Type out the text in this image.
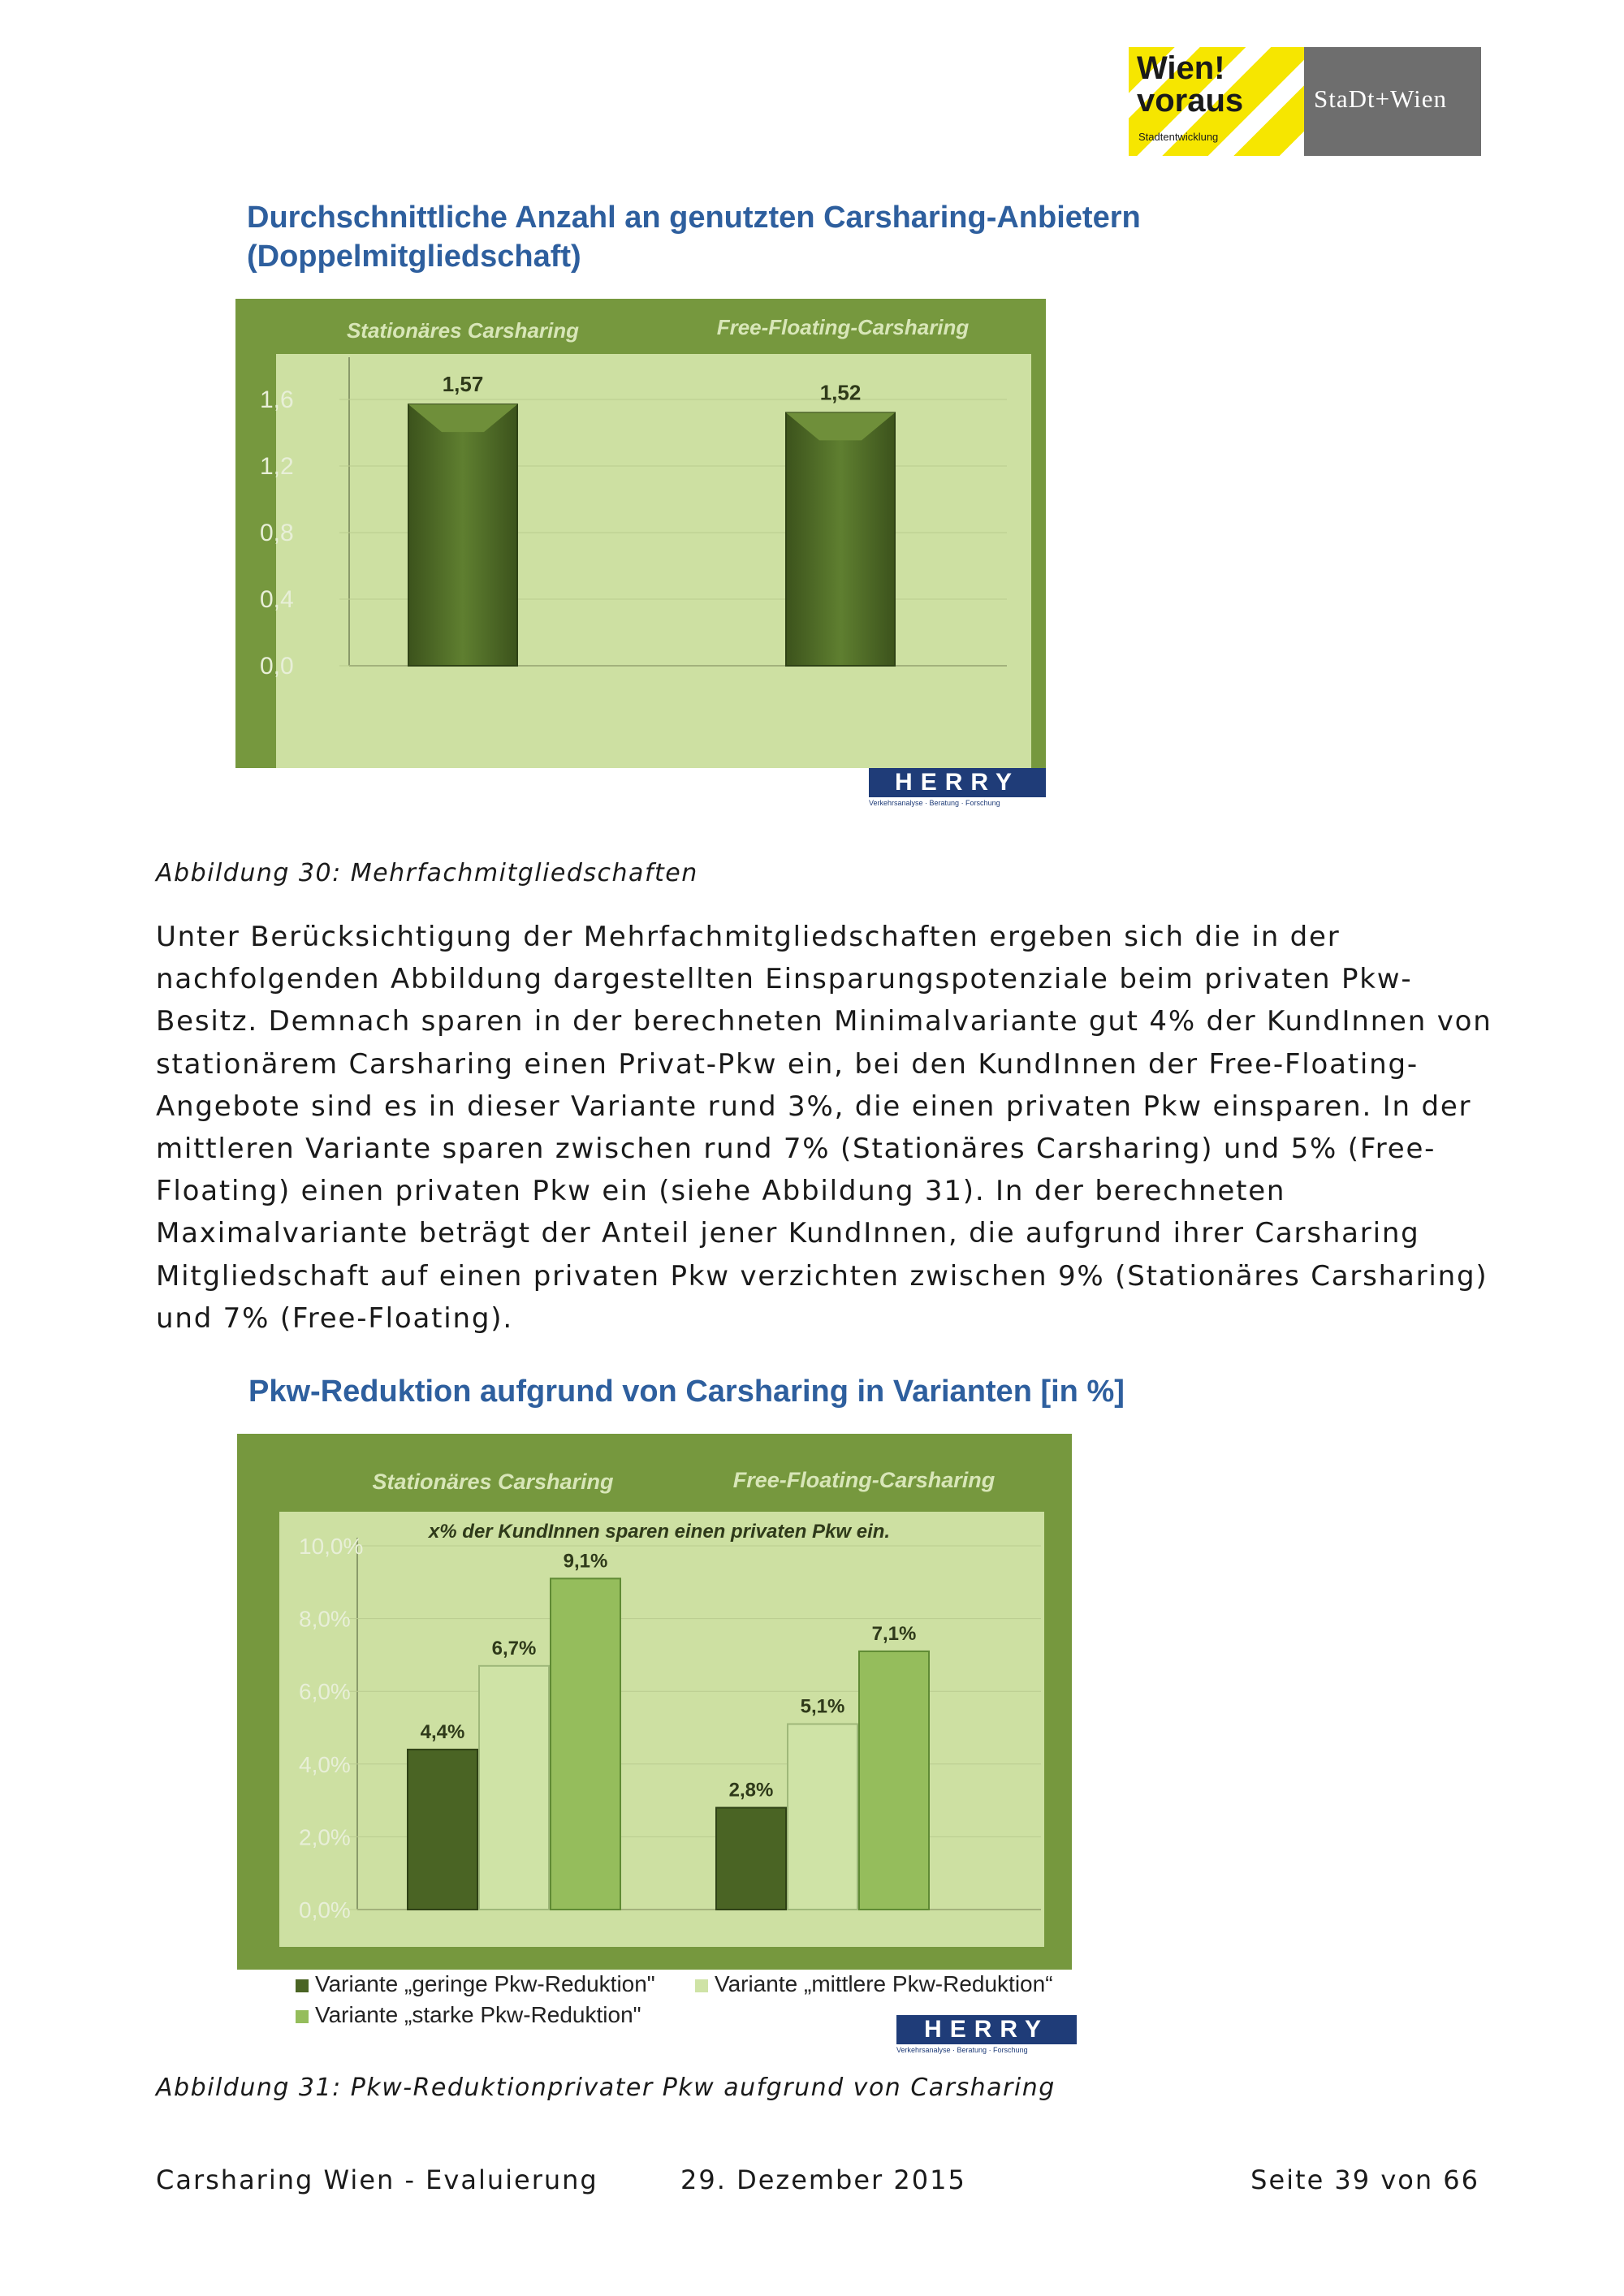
Wien!
voraus
Stadtentwicklung
StaDt+Wien
Durchschnittliche Anzahl an genutzten Carsharing-Anbietern
(Doppelmitgliedschaft)
Stationäres Carsharing	Free-Floating-Carsharing
0,0
0,4
0,8
1,2
1,6
1,57	1,52
HERRY
Verkehrsanalyse · Beratung · Forschung
Abbildung 30: Mehrfachmitgliedschaften
Unter Berücksichtigung der Mehrfachmitgliedschaften ergeben sich die in der nachfolgenden Abbildung dargestellten Einsparungspotenziale beim privaten Pkw-Besitz. Demnach sparen in der berechneten Minimalvariante gut 4% der KundInnen von stationärem Carsharing einen Privat-Pkw ein, bei den KundInnen der Free-Floating-Angebote sind es in dieser Variante rund 3%, die einen privaten Pkw einsparen. In der mittleren Variante sparen zwischen rund 7% (Stationäres Carsharing) und 5% (Free-Floating) einen privaten Pkw ein (siehe Abbildung 31). In der berechneten Maximalvariante beträgt der Anteil jener KundInnen, die aufgrund ihrer Carsharing Mitgliedschaft auf einen privaten Pkw verzichten zwischen 9% (Stationäres Carsharing) und 7% (Free-Floating).
Pkw-Reduktion aufgrund von Carsharing in Varianten [in %]
Stationäres Carsharing	Free-Floating-Carsharing
x% der KundInnen sparen einen privaten Pkw ein.
0,0%
2,0%
4,0%
6,0%
8,0%
10,0%
4,4%
2,8%
6,7%
5,1%
9,1%
7,1%
Variante „geringe Pkw-Reduktion"	Variante „mittlere Pkw-Reduktion“
Variante „starke Pkw-Reduktion"
HERRY
Verkehrsanalyse · Beratung · Forschung
Abbildung 31: Pkw-Reduktionprivater Pkw aufgrund von Carsharing
Carsharing Wien - Evaluierung	29. Dezember 2015	Seite 39 von 66
